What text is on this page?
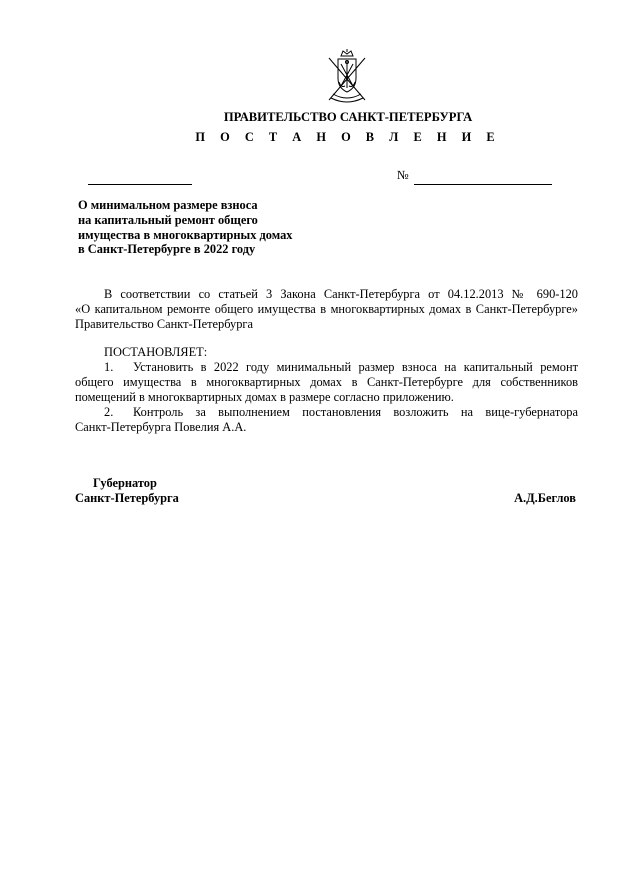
ПРАВИТЕЛЬСТВО САНКТ-ПЕТЕРБУРГА
П О С Т А Н О В Л Е Н И Е
№
О минимальном размере взноса
на капитальный ремонт общего
имущества в многоквартирных домах
в Санкт-Петербурге в 2022 году
В соответствии со статьей 3 Закона Санкт-Петербурга от 04.12.2013 № 690-120
«О капитальном ремонте общего имущества в многоквартирных домах в Санкт-Петербурге»
Правительство Санкт-Петербурга
ПОСТАНОВЛЯЕТ:
1. Установить в 2022 году минимальный размер взноса на капитальный ремонт
общего имущества в многоквартирных домах в Санкт-Петербурге для собственников
помещений в многоквартирных домах в размере согласно приложению.
2. Контроль за выполнением постановления возложить на вице-губернатора
Санкт-Петербурга Повелия А.А.
Губернатор
Санкт-Петербурга	А.Д.Беглов
